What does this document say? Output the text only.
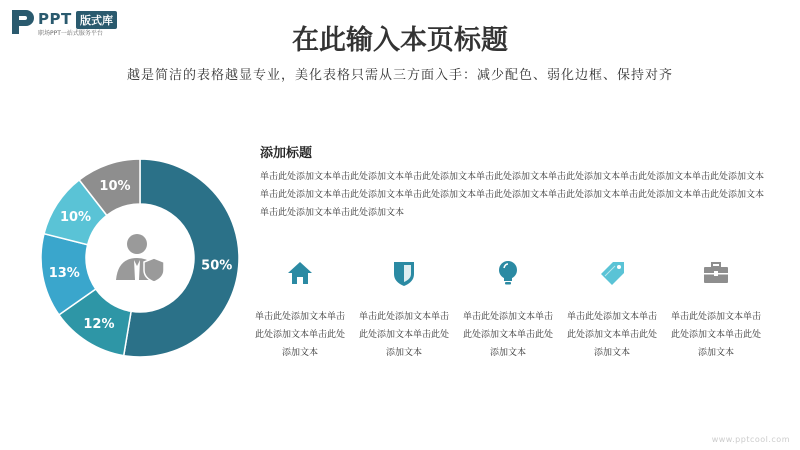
PPT 版式库
职场PPT一站式服务平台	在此输入本页标题
越是简洁的表格越显专业，美化表格只需从三方面入手：减少配色、弱化边框、保持对齐
50%
12%
13%
10%
10%
添加标题
单击此处添加文本单击此处添加文本单击此处添加文本单击此处添加文本单击此处添加文本单击此处添加文本单击此处添加文本单击此处添加文本单击此处添加文本单击此处添加文本单击此处添加文本单击此处添加文本单击此处添加文本单击此处添加文本单击此处添加文本单击此处添加文本
单击此处添加文本单击此处添加文本单击此处添加文本
单击此处添加文本单击此处添加文本单击此处添加文本
单击此处添加文本单击此处添加文本单击此处添加文本
单击此处添加文本单击此处添加文本单击此处添加文本
单击此处添加文本单击此处添加文本单击此处添加文本
www.pptcool.com
